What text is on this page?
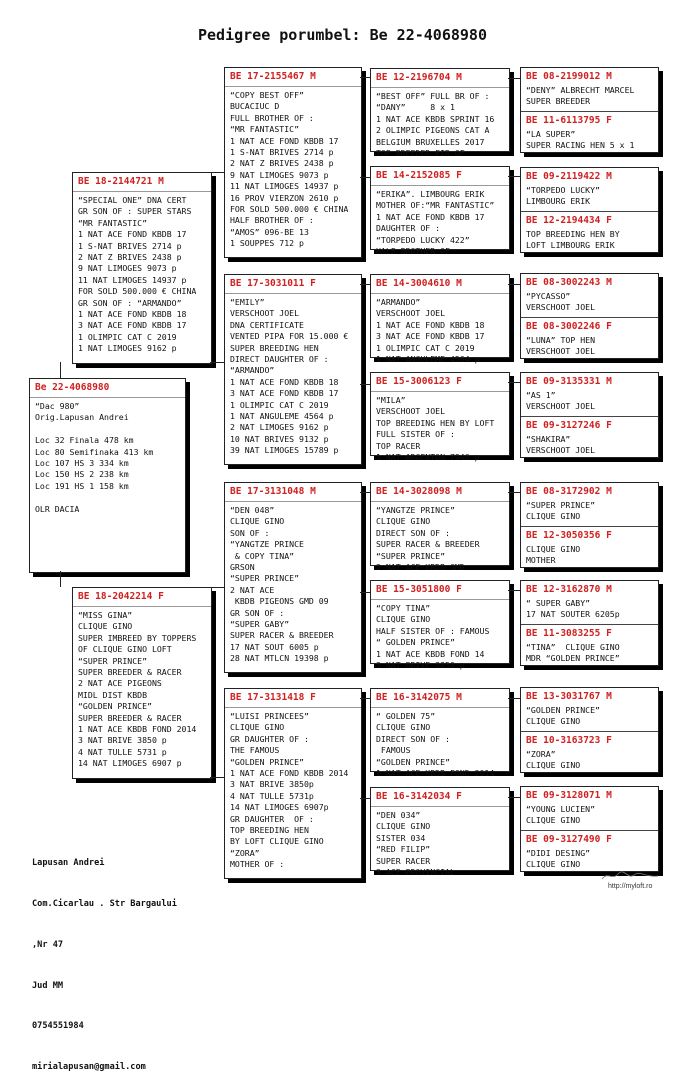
Pedigree porumbel: Be 22-4068980
Be 22-4068980
“Dac 980”
Orig.Lapusan Andrei

Loc 32 Finala 478 km
Loc 80 Semifinaka 413 km
Loc 107 HS 3 334 km
Loc 150 HS 2 238 km
Loc 191 HS 1 158 km

OLR DACIA
BE 18-2144721 M
“SPECIAL ONE” DNA CERT
GR SON OF : SUPER STARS
“MR FANTASTIC”
1 NAT ACE FOND KBDB 17
1 S-NAT BRIVES 2714 p
2 NAT Z BRIVES 2438 p
9 NAT LIMOGES 9073 p
11 NAT LIMOGES 14937 p
FOR SOLD 500.000 € CHINA
GR SON OF : “ARMANDO”
1 NAT ACE FOND KBDB 18
3 NAT ACE FOND KBDB 17
1 OLIMPIC CAT C 2019
1 NAT LIMOGES 9162 p
BE 18-2042214 F
“MISS GINA”
CLIQUE GINO
SUPER IMBREED BY TOPPERS
OF CLIQUE GINO LOFT
“SUPER PRINCE”
SUPER BREEDER & RACER
2 NAT ACE PIGEONS
MIDL DIST KBDB
“GOLDEN PRINCE”
SUPER BREEDER & RACER
1 NAT ACE KBDB FOND 2014
3 NAT BRIVE 3850 p
4 NAT TULLE 5731 p
14 NAT LIMOGES 6907 p
BE 17-2155467 M
“COPY BEST OFF”
BUCACIUC D
FULL BROTHER OF :
“MR FANTASTIC”
1 NAT ACE FOND KBDB 17
1 S-NAT BRIVES 2714 p
2 NAT Z BRIVES 2438 p
9 NAT LIMOGES 9073 p
11 NAT LIMOGES 14937 p
16 PROV VIERZON 2610 p
FOR SOLD 500.000 € CHINA
HALF BROTHER OF :
“AMOS” 096-BE 13
1 SOUPPES 712 p
BE 17-3031011 F
“EMILY”
VERSCHOOT JOEL
DNA CERTIFICATE
VENTED PIPA FOR 15.000 €
SUPER BREEDING HEN
DIRECT DAUGHTER OF :
“ARMANDO”
1 NAT ACE FOND KBDB 18
3 NAT ACE FOND KBDB 17
1 OLIMPIC CAT C 2019
1 NAT ANGULEME 4564 p
2 NAT LIMOGES 9162 p
10 NAT BRIVES 9132 p
39 NAT LIMOGES 15789 p
BE 17-3131048 M
“DEN 048”
CLIQUE GINO
SON OF :
“YANGTZE PRINCE
& COPY TINA”
GRSON
“SUPER PRINCE”
2 NAT ACE
KBDB PIGEONS GMD 09
GR SON OF :
“SUPER GABY”
SUPER RACER & BREEDER
17 NAT SOUT 6005 p
28 NAT MTLCN 19398 p
BE 17-3131418 F
“LUISI PRINCEES”
CLIQUE GINO
GR DAUGHTER OF :
THE FAMOUS
“GOLDEN PRINCE”
1 NAT ACE FOND KBDB 2014
3 NAT BRIVE 3850p
4 NAT TULLE 5731p
14 NAT LIMOGES 6907p
GR DAUGHTER  OF :
TOP BREEDING HEN
BY LOFT CLIQUE GINO
“ZORA”
MOTHER OF :
BE 12-2196704 M
“BEST OFF” FULL BR OF :
“DANY”     8 x 1
1 NAT ACE KBDB SPRINT 16
2 OLIMPIC PIGEONS CAT A
BELGIUM BRUXELLES 2017
TOP BREEDER FIR OF
BE 14-2152085 F
“ERIKA”. LIMBOURG ERIK
MOTHER OF:“MR FANTASTIC”
1 NAT ACE FOND KBDB 17
DAUGHTER OF :
“TORPEDO LUCKY 422”
HALF BROTHER OF
BE 14-3004610 M
“ARMANDO”
VERSCHOOT JOEL
1 NAT ACE FOND KBDB 18
3 NAT ACE FOND KBDB 17
1 OLIMPIC CAT C 2019
1 NAT ANGULEME 4564 p
BE 15-3006123 F
“MILA”
VERSCHOOT JOEL
TOP BREEDING HEN BY LOFT
FULL SISTER OF :
TOP RACER
1 NAT ARGENTON 7946 p
BE 14-3028098 M
“YANGTZE PRINCE”
CLIQUE GINO
DIRECT SON OF :
SUPER RACER & BREEDER
“SUPER PRINCE”
2 NAT ACE KBDB GMD
BE 15-3051800 F
“COPY TINA”
CLIQUE GINO
HALF SISTER OF : FAMOUS
“ GOLDEN PRINCE”
1 NAT ACE KBDB FOND 14
3 NAT BRIVE 3850 p
BE 16-3142075 M
“ GOLDEN 75”
CLIQUE GINO
DIRECT SON OF :
FAMOUS
“GOLDEN PRINCE”
1 NAT ACE KBDB FOND 2014
BE 16-3142034 F
“DEN 034”
CLIQUE GINO
SISTER 034
“RED FILIP”
SUPER RACER
3 ACE PROVINCIAL
BE 08-2199012 M
“DENY” ALBRECHT MARCEL
SUPER BREEDER
BE 11-6113795 F
“LA SUPER”
SUPER RACING HEN 5 x 1
BE 09-2119422 M
“TORPEDO LUCKY”
LIMBOURG ERIK
BE 12-2194434 F
TOP BREEDING HEN BY
LOFT LIMBOURG ERIK
BE 08-3002243 M
“PYCASSO”
VERSCHOOT JOEL
BE 08-3002246 F
“LUNA” TOP HEN
VERSCHOOT JOEL
BE 09-3135331 M
“AS 1”
VERSCHOOT JOEL
BE 09-3127246 F
“SHAKIRA”
VERSCHOOT JOEL
BE 08-3172902 M
“SUPER PRINCE”
CLIQUE GINO
BE 12-3050356 F
CLIQUE GINO
MOTHER
BE 12-3162870 M
“ SUPER GABY”
17 NAT SOUTER 6205p
BE 11-3083255 F
“TINA”  CLIQUE GINO
MDR “GOLDEN PRINCE”
BE 13-3031767 M
“GOLDEN PRINCE”
CLIQUE GINO
BE 10-3163723 F
“ZORA”
CLIQUE GINO
BE 09-3128071 M
“YOUNG LUCIEN”
CLIQUE GINO
BE 09-3127490 F
“DIDI DESING”
CLIQUE GINO

Lapusan Andrei

Com.Cicarlau . Str Bargaului

,Nr 47

Jud MM

0754551984

mirialapusan@gmail.com

http://myloft.ro
